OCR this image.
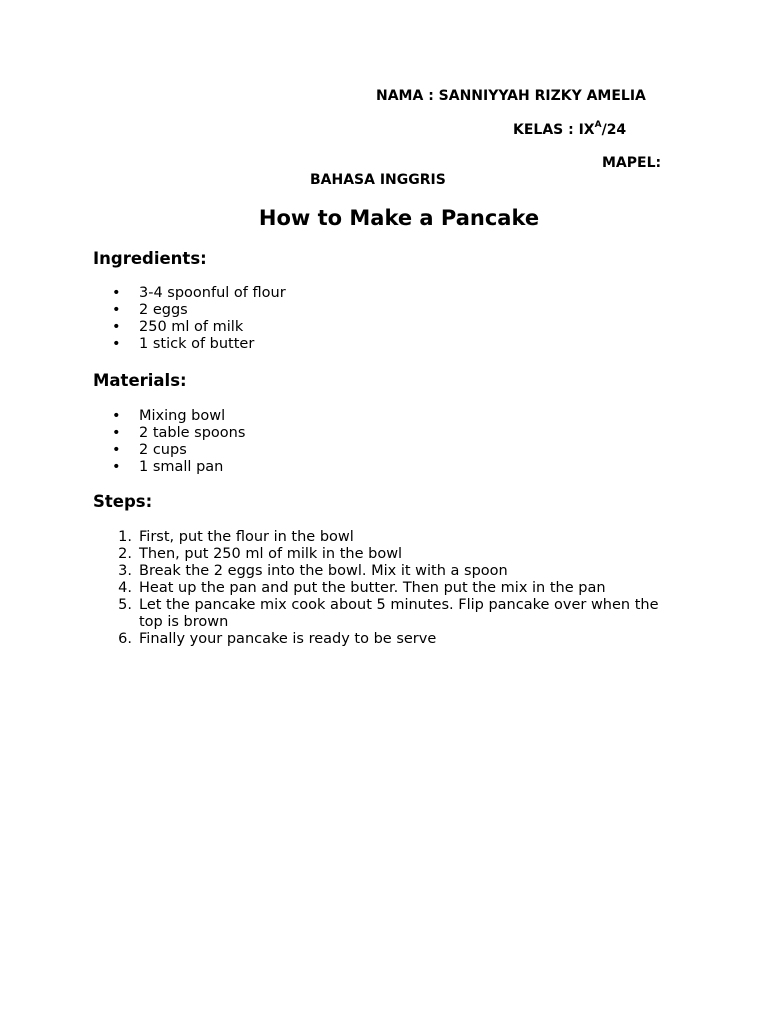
NAMA : SANNIYYAH RIZKY AMELIA
KELAS : $IX^A/24$
MAPEL:
BAHASA INGGRIS
How to Make a Pancake
Ingredients:
•	3-4 spoonful of flour
•	2 eggs
•	250 ml of milk
•	1 stick of butter
Materials:
•	Mixing bowl
•	2 table spoons
•	2 cups
•	1 small pan
Steps:
1. First, put the flour in the bowl
2. Then, put 250 ml of milk in the bowl
3. Break the 2 eggs into the bowl. Mix it with a spoon
4. Heat up the pan and put the butter. Then put the mix in the pan
5. Let the pancake mix cook about 5 minutes. Flip pancake over when the top is brown
6. Finally your pancake is ready to be serve
